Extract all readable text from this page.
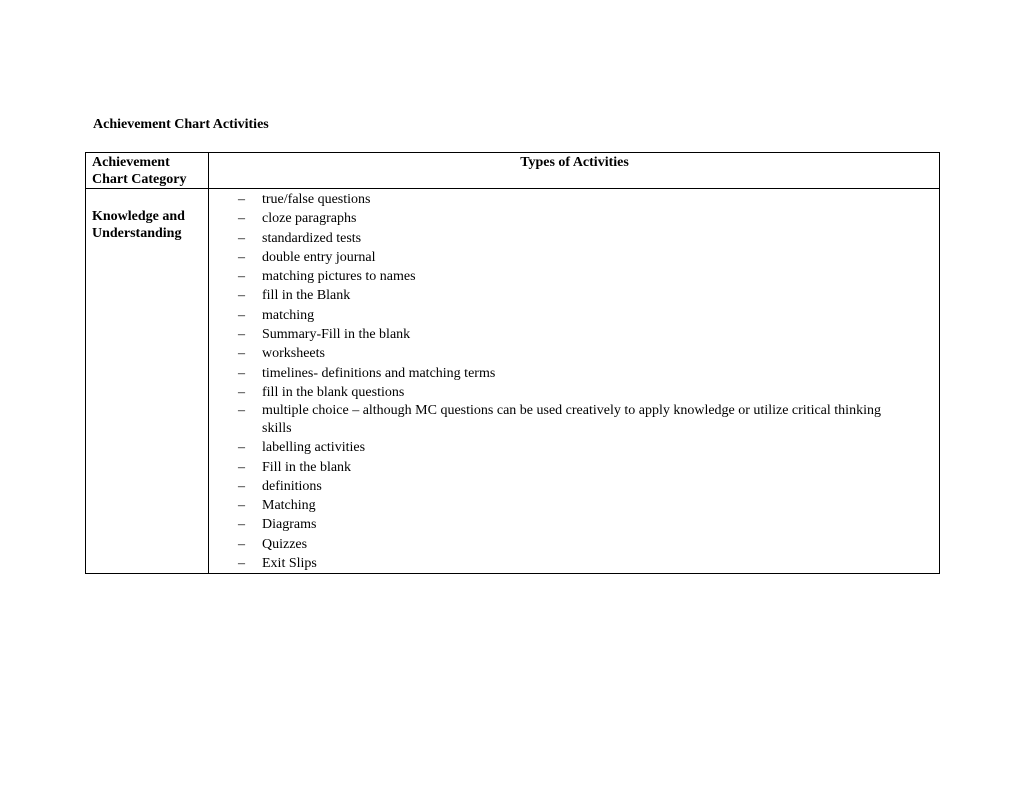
Achievement Chart Activities
Achievement Chart Category
Types of Activities
Knowledge and Understanding
– true/false questions
– cloze paragraphs
– standardized tests
– double entry journal
– matching pictures to names
– fill in the Blank
– matching
– Summary-Fill in the blank
– worksheets
– timelines- definitions and matching terms
– fill in the blank questions
– multiple choice – although MC questions can be used creatively to apply knowledge or utilize critical thinking skills
– labelling activities
– Fill in the blank
– definitions
– Matching
– Diagrams
– Quizzes
– Exit Slips
